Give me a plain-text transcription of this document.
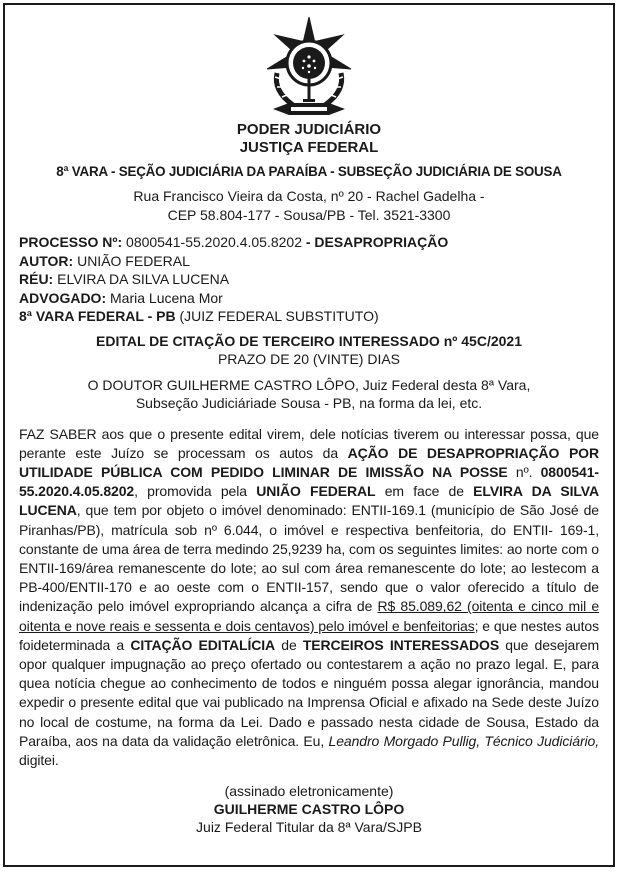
PODER JUDICIÁRIO
JUSTIÇA FEDERAL
8ª VARA - SEÇÃO JUDICIÁRIA DA PARAÍBA - SUBSEÇÃO JUDICIÁRIA DE SOUSA
Rua Francisco Vieira da Costa, nº 20 - Rachel Gadelha -
CEP 58.804-177 - Sousa/PB - Tel. 3521-3300
PROCESSO Nº: 0800541-55.2020.4.05.8202 - DESAPROPRIAÇÃO
AUTOR: UNIÃO FEDERAL
RÉU: ELVIRA DA SILVA LUCENA
ADVOGADO: Maria Lucena Mor
8ª VARA FEDERAL - PB (JUIZ FEDERAL SUBSTITUTO)
EDITAL DE CITAÇÃO DE TERCEIRO INTERESSADO nº 45C/2021
PRAZO DE 20 (VINTE) DIAS
O DOUTOR GUILHERME CASTRO LÔPO, Juiz Federal desta 8ª Vara,
Subseção Judiciáriade Sousa - PB, na forma da lei, etc.
FAZ SABER aos que o presente edital virem, dele notícias tiverem ou interessar possa, que perante este Juízo se processam os autos da AÇÃO DE DESAPROPRIAÇÃO POR UTILIDADE PÚBLICA COM PEDIDO LIMINAR DE IMISSÃO NA POSSE nº. 0800541-55.2020.4.05.8202, promovida pela UNIÃO FEDERAL em face de ELVIRA DA SILVA LUCENA, que tem por objeto o imóvel denominado: ENTII-169.1 (município de São José de Piranhas/PB), matrícula sob nº 6.044, o imóvel e respectiva benfeitoria, do ENTII- 169-1, constante de uma área de terra medindo 25,9239 ha, com os seguintes limites: ao norte com o ENTII-169/área remanescente do lote; ao sul com área remanescente do lote; ao lestecom a PB-400/ENTII-170 e ao oeste com o ENTII-157, sendo que o valor oferecido a título de indenização pelo imóvel expropriando alcança a cifra de R$ 85.089,62 (oitenta e cinco mil e oitenta e nove reais e sessenta e dois centavos) pelo imóvel e benfeitorias; e que nestes autos foideterminada a CITAÇÃO EDITALÍCIA de TERCEIROS INTERESSADOS que desejarem opor qualquer impugnação ao preço ofertado ou contestarem a ação no prazo legal. E, para quea notícia chegue ao conhecimento de todos e ninguém possa alegar ignorância, mandou expedir o presente edital que vai publicado na Imprensa Oficial e afixado na Sede deste Juízo no local de costume, na forma da Lei. Dado e passado nesta cidade de Sousa, Estado da Paraíba, aos na data da validação eletrônica. Eu, Leandro Morgado Pullig, Técnico Judiciário, digitei.
(assinado eletronicamente)
GUILHERME CASTRO LÔPO
Juiz Federal Titular da 8ª Vara/SJPB
